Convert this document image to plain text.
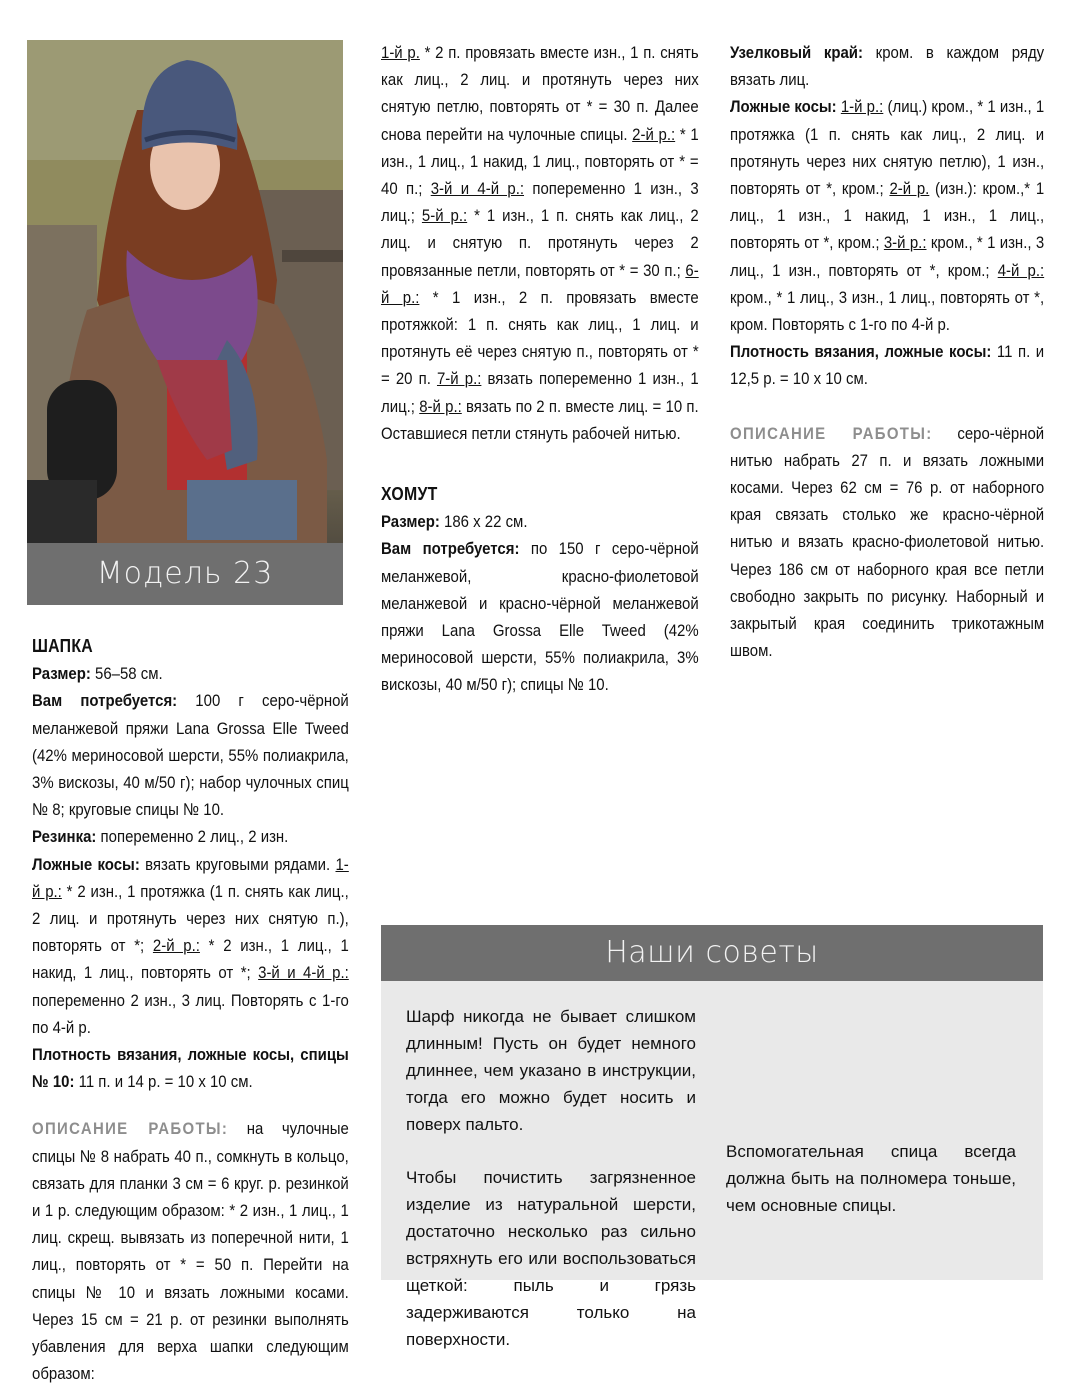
Модель 23

ШАПКА

Размер: 56–58 см.

Вам потребуется: 100 г серо-чёрной меланжевой пряжи Lana Grossa Elle Tweed (42% мериносовой шерсти, 55% полиакрила, 3% вискозы, 40 м/50 г); набор чулочных спиц № 8; круговые спицы № 10.

Резинка: попеременно 2 лиц., 2 изн.

Ложные косы: вязать круговыми рядами. 1-й р.: * 2 изн., 1 протяжка (1 п. снять как лиц., 2 лиц. и протянуть через них снятую п.), повторять от *; 2-й р.: * 2 изн., 1 лиц., 1 накид, 1 лиц., повторять от *; 3-й и 4-й р.: попеременно 2 изн., 3 лиц. Повторять с 1-го по 4-й р.

Плотность вязания, ложные косы, спицы № 10: 11 п. и 14 р. = 10 х 10 см.

ОПИСАНИЕ РАБОТЫ: на чулочные спицы № 8 набрать 40 п., сомкнуть в кольцо, связать для планки 3 см = 6 круг. р. резинкой и 1 р. следующим образом: * 2 изн., 1 лиц., 1 лиц. скрещ. вывязать из поперечной нити, 1 лиц., повторять от * = 50 п. Перейти на спицы № 10 и вязать ложными косами. Через 15 см = 21 р. от резинки выполнять убавления для верха шапки следующим образом:

1-й р. * 2 п. провязать вместе изн., 1 п. снять как лиц., 2 лиц. и протянуть через них снятую петлю, повторять от * = 30 п. Далее снова перейти на чулочные спицы. 2-й р.: * 1 изн., 1 лиц., 1 накид, 1 лиц., повторять от * = 40 п.; 3-й и 4-й р.: попеременно 1 изн., 3 лиц.; 5-й р.: * 1 изн., 1 п. снять как лиц., 2 лиц. и снятую п. протянуть через 2 провязанные петли, повторять от * = 30 п.; 6-й р.: * 1 изн., 2 п. провязать вместе протяжкой: 1 п. снять как лиц., 1 лиц. и протянуть её через снятую п., повторять от * = 20 п. 7-й р.: вязать попеременно 1 изн., 1 лиц.; 8-й р.: вязать по 2 п. вместе лиц. = 10 п. Оставшиеся петли стянуть рабочей нитью.

ХОМУТ

Размер: 186 х 22 см.

Вам потребуется: по 150 г серо-чёрной меланжевой, красно-фиолетовой меланжевой и красно-чёрной меланжевой пряжи Lana Grossa Elle Tweed (42% мериносовой шерсти, 55% полиакрила, 3% вискозы, 40 м/50 г); спицы № 10.

Узелковый край: кром. в каждом ряду вязать лиц.

Ложные косы: 1-й р.: (лиц.) кром., * 1 изн., 1 протяжка (1 п. снять как лиц., 2 лиц. и протянуть через них снятую петлю), 1 изн., повторять от *, кром.; 2-й р. (изн.): кром.,* 1 лиц., 1 изн., 1 накид, 1 изн., 1 лиц., повторять от *, кром.; 3-й р.: кром., * 1 изн., 3 лиц., 1 изн., повторять от *, кром.; 4-й р.: кром., * 1 лиц., 3 изн., 1 лиц., повторять от *, кром. Повторять с 1-го по 4-й р.

Плотность вязания, ложные косы: 11 п. и 12,5 р. = 10 х 10 см.

ОПИСАНИЕ РАБОТЫ: серо-чёрной нитью набрать 27 п. и вязать ложными косами. Через 62 см = 76 р. от наборного края связать столько же красно-чёрной нитью и вязать красно-фиолетовой нитью. Через 186 см от наборного края все петли свободно закрыть по рисунку. Наборный и закрытый края соединить трикотажным швом.

Наши советы
Шарф никогда не бывает слишком длинным! Пусть он будет немного длиннее, чем указано в инструкции, тогда его можно будет носить и поверх пальто.
Чтобы почистить загрязненное изделие из натуральной шерсти, достаточно несколько раз сильно встряхнуть его или воспользоваться щеткой: пыль и грязь задерживаются только на поверхности.
Вспомогательная спица всегда должна быть на полномера тоньше, чем основные спицы.
